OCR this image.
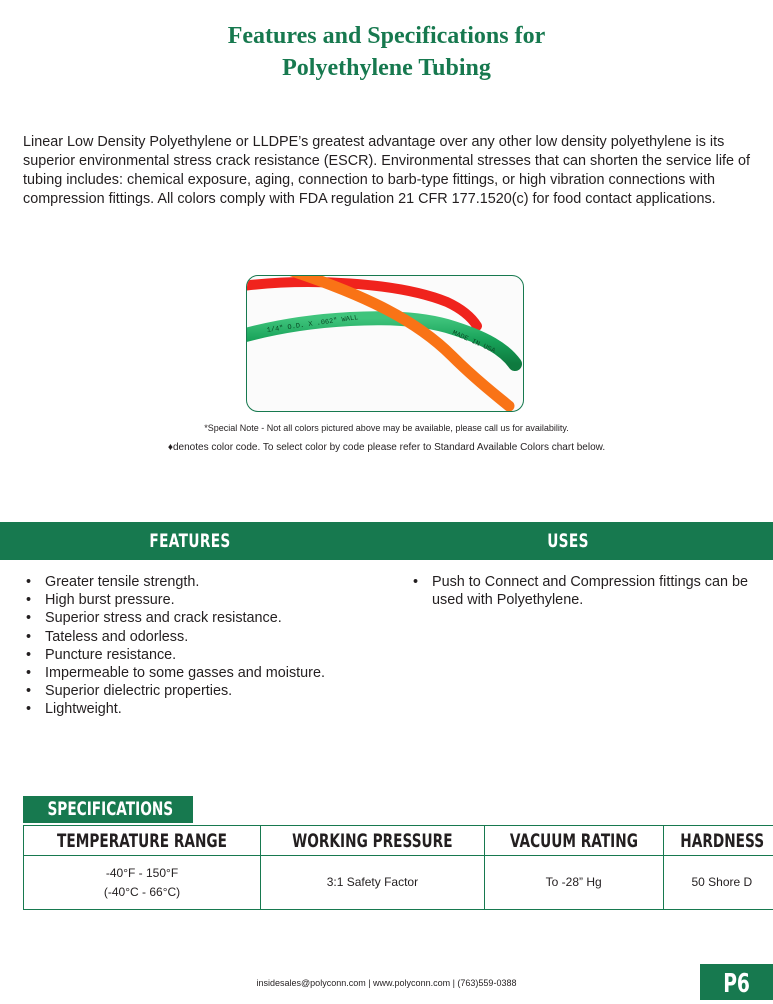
Features and Specifications for
Polyethylene Tubing

Linear Low Density Polyethylene or LLDPE’s greatest advantage over any other low density polyethylene is its superior environmental stress crack resistance (ESCR). Environmental stresses that can shorten the service life of tubing includes: chemical exposure, aging, connection to barb-type fittings, or high vibration connections with compression fittings. All colors comply with FDA regulation 21 CFR 177.1520(c) for food contact applications.

1/4" O.D. X .062" WALL
MADE IN USA
*Special Note - Not all colors pictured above may be available, please call us for availability.
♦denotes color code. To select color by code please refer to Standard Available Colors chart below.
FEATURES	USES
• Greater tensile strength.
• High burst pressure.
• Superior stress and crack resistance.
• Tateless and odorless.
• Puncture resistance.
• Impermeable to some gasses and moisture.
• Superior dielectric properties.
• Lightweight.
• Push to Connect and Compression fittings can be used with Polyethylene.
SPECIFICATIONS
TEMPERATURE RANGE	WORKING PRESSURE	VACUUM RATING	HARDNESS

-40°F - 150°F
(-40°C - 66°C)	3:1 Safety Factor	To -28” Hg	50 Shore D
insidesales@polyconn.com | www.polyconn.com | (763)559-0388	P6
